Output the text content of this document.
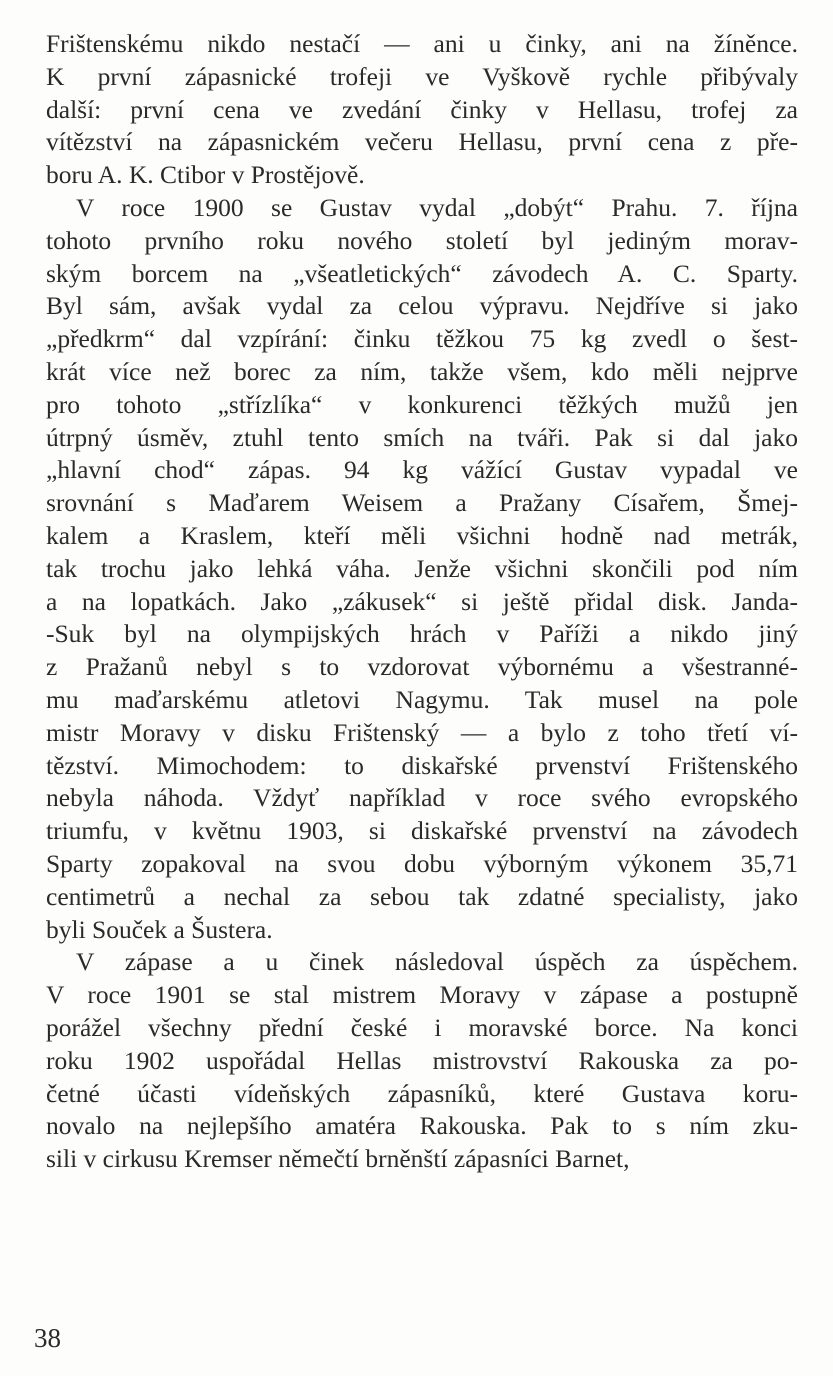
Frištenskému nikdo nestačí — ani u činky, ani na žíněnce.
K první zápasnické trofeji ve Vyškově rychle přibývaly
další: první cena ve zvedání činky v Hellasu, trofej za
vítězství na zápasnickém večeru Hellasu, první cena z pře-
boru A. K. Ctibor v Prostějově.
V roce 1900 se Gustav vydal „dobýt“ Prahu. 7. října
tohoto prvního roku nového století byl jediným morav-
ským borcem na „všeatletických“ závodech A. C. Sparty.
Byl sám, avšak vydal za celou výpravu. Nejdříve si jako
„předkrm“ dal vzpírání: činku těžkou 75 kg zvedl o šest-
krát více než borec za ním, takže všem, kdo měli nejprve
pro tohoto „střízlíka“ v konkurenci těžkých mužů jen
útrpný úsměv, ztuhl tento smích na tváři. Pak si dal jako
„hlavní chod“ zápas. 94 kg vážící Gustav vypadal ve
srovnání s Maďarem Weisem a Pražany Císařem, Šmej-
kalem a Kraslem, kteří měli všichni hodně nad metrák,
tak trochu jako lehká váha. Jenže všichni skončili pod ním
a na lopatkách. Jako „zákusek“ si ještě přidal disk. Janda-
-Suk byl na olympijských hrách v Paříži a nikdo jiný
z Pražanů nebyl s to vzdorovat výbornému a všestranné-
mu maďarskému atletovi Nagymu. Tak musel na pole
mistr Moravy v disku Frištenský — a bylo z toho třetí ví-
tězství. Mimochodem: to diskařské prvenství Frištenského
nebyla náhoda. Vždyť například v roce svého evropského
triumfu, v květnu 1903, si diskařské prvenství na závodech
Sparty zopakoval na svou dobu výborným výkonem 35,71
centimetrů a nechal za sebou tak zdatné specialisty, jako
byli Souček a Šustera.
V zápase a u činek následoval úspěch za úspěchem.
V roce 1901 se stal mistrem Moravy v zápase a postupně
porážel všechny přední české i moravské borce. Na konci
roku 1902 uspořádal Hellas mistrovství Rakouska za po-
četné účasti vídeňských zápasníků, které Gustava koru-
novalo na nejlepšího amatéra Rakouska. Pak to s ním zku-
sili v cirkusu Kremser němečtí brněnští zápasníci Barnet,
38
